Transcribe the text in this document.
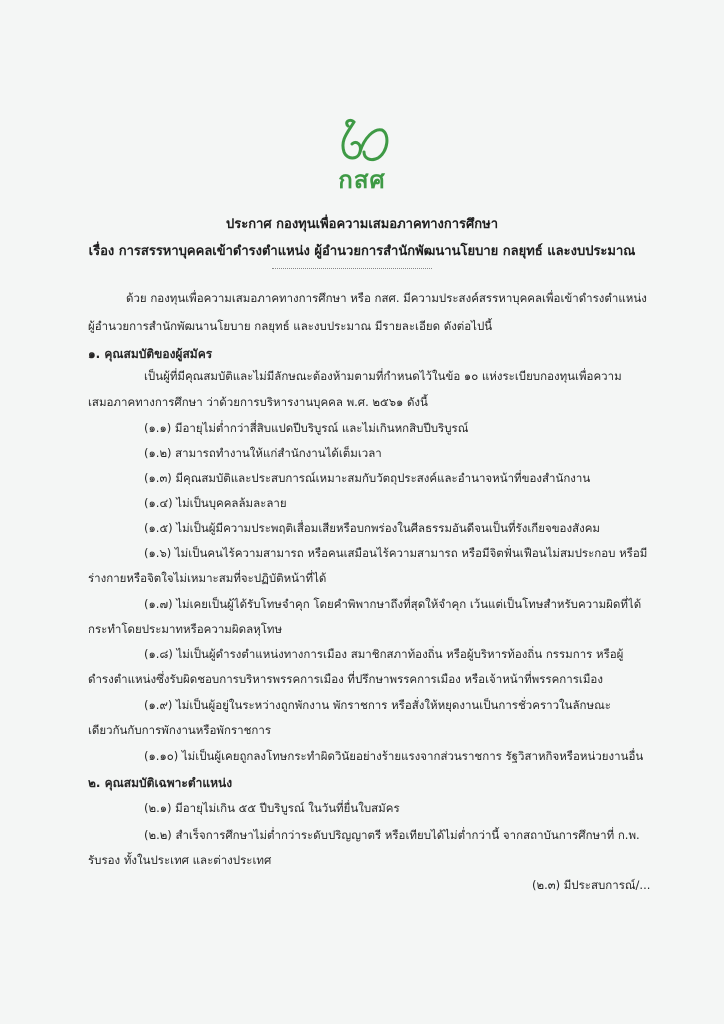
กสศ
ประกาศ กองทุนเพื่อความเสมอภาคทางการศึกษา
เรื่อง การสรรหาบุคคลเข้าดำรงตำแหน่ง ผู้อำนวยการสำนักพัฒนานโยบาย กลยุทธ์ และงบประมาณ
ด้วย กองทุนเพื่อความเสมอภาคทางการศึกษา หรือ กสศ. มีความประสงค์สรรหาบุคคลเพื่อเข้าดำรงตำแหน่ง
ผู้อำนวยการสำนักพัฒนานโยบาย กลยุทธ์ และงบประมาณ มีรายละเอียด ดังต่อไปนี้
๑. คุณสมบัติของผู้สมัคร
เป็นผู้ที่มีคุณสมบัติและไม่มีลักษณะต้องห้ามตามที่กำหนดไว้ในข้อ ๑๐ แห่งระเบียบกองทุนเพื่อความ
เสมอภาคทางการศึกษา ว่าด้วยการบริหารงานบุคคล พ.ศ. ๒๕๖๑ ดังนี้
(๑.๑) มีอายุไม่ต่ำกว่าสี่สิบแปดปีบริบูรณ์ และไม่เกินหกสิบปีบริบูรณ์
(๑.๒) สามารถทำงานให้แก่สำนักงานได้เต็มเวลา
(๑.๓) มีคุณสมบัติและประสบการณ์เหมาะสมกับวัตถุประสงค์และอำนาจหน้าที่ของสำนักงาน
(๑.๔) ไม่เป็นบุคคลล้มละลาย
(๑.๕) ไม่เป็นผู้มีความประพฤติเสื่อมเสียหรือบกพร่องในศีลธรรมอันดีจนเป็นที่รังเกียจของสังคม
(๑.๖) ไม่เป็นคนไร้ความสามารถ หรือคนเสมือนไร้ความสามารถ หรือมีจิตฟั่นเฟือนไม่สมประกอบ หรือมี
ร่างกายหรือจิตใจไม่เหมาะสมที่จะปฏิบัติหน้าที่ได้
(๑.๗) ไม่เคยเป็นผู้ได้รับโทษจำคุก โดยคำพิพากษาถึงที่สุดให้จำคุก เว้นแต่เป็นโทษสำหรับความผิดที่ได้
กระทำโดยประมาทหรือความผิดลหุโทษ
(๑.๘) ไม่เป็นผู้ดำรงตำแหน่งทางการเมือง สมาชิกสภาท้องถิ่น หรือผู้บริหารท้องถิ่น กรรมการ หรือผู้
ดำรงตำแหน่งซึ่งรับผิดชอบการบริหารพรรคการเมือง ที่ปรึกษาพรรคการเมือง หรือเจ้าหน้าที่พรรคการเมือง
(๑.๙) ไม่เป็นผู้อยู่ในระหว่างถูกพักงาน พักราชการ หรือสั่งให้หยุดงานเป็นการชั่วคราวในลักษณะ
เดียวกันกับการพักงานหรือพักราชการ
(๑.๑๐) ไม่เป็นผู้เคยถูกลงโทษกระทำผิดวินัยอย่างร้ายแรงจากส่วนราชการ รัฐวิสาหกิจหรือหน่วยงานอื่น
๒. คุณสมบัติเฉพาะตำแหน่ง
(๒.๑) มีอายุไม่เกิน ๕๕ ปีบริบูรณ์ ในวันที่ยื่นใบสมัคร
(๒.๒) สำเร็จการศึกษาไม่ต่ำกว่าระดับปริญญาตรี หรือเทียบได้ไม่ต่ำกว่านี้ จากสถาบันการศึกษาที่ ก.พ.
รับรอง ทั้งในประเทศ และต่างประเทศ
(๒.๓) มีประสบการณ์/...
